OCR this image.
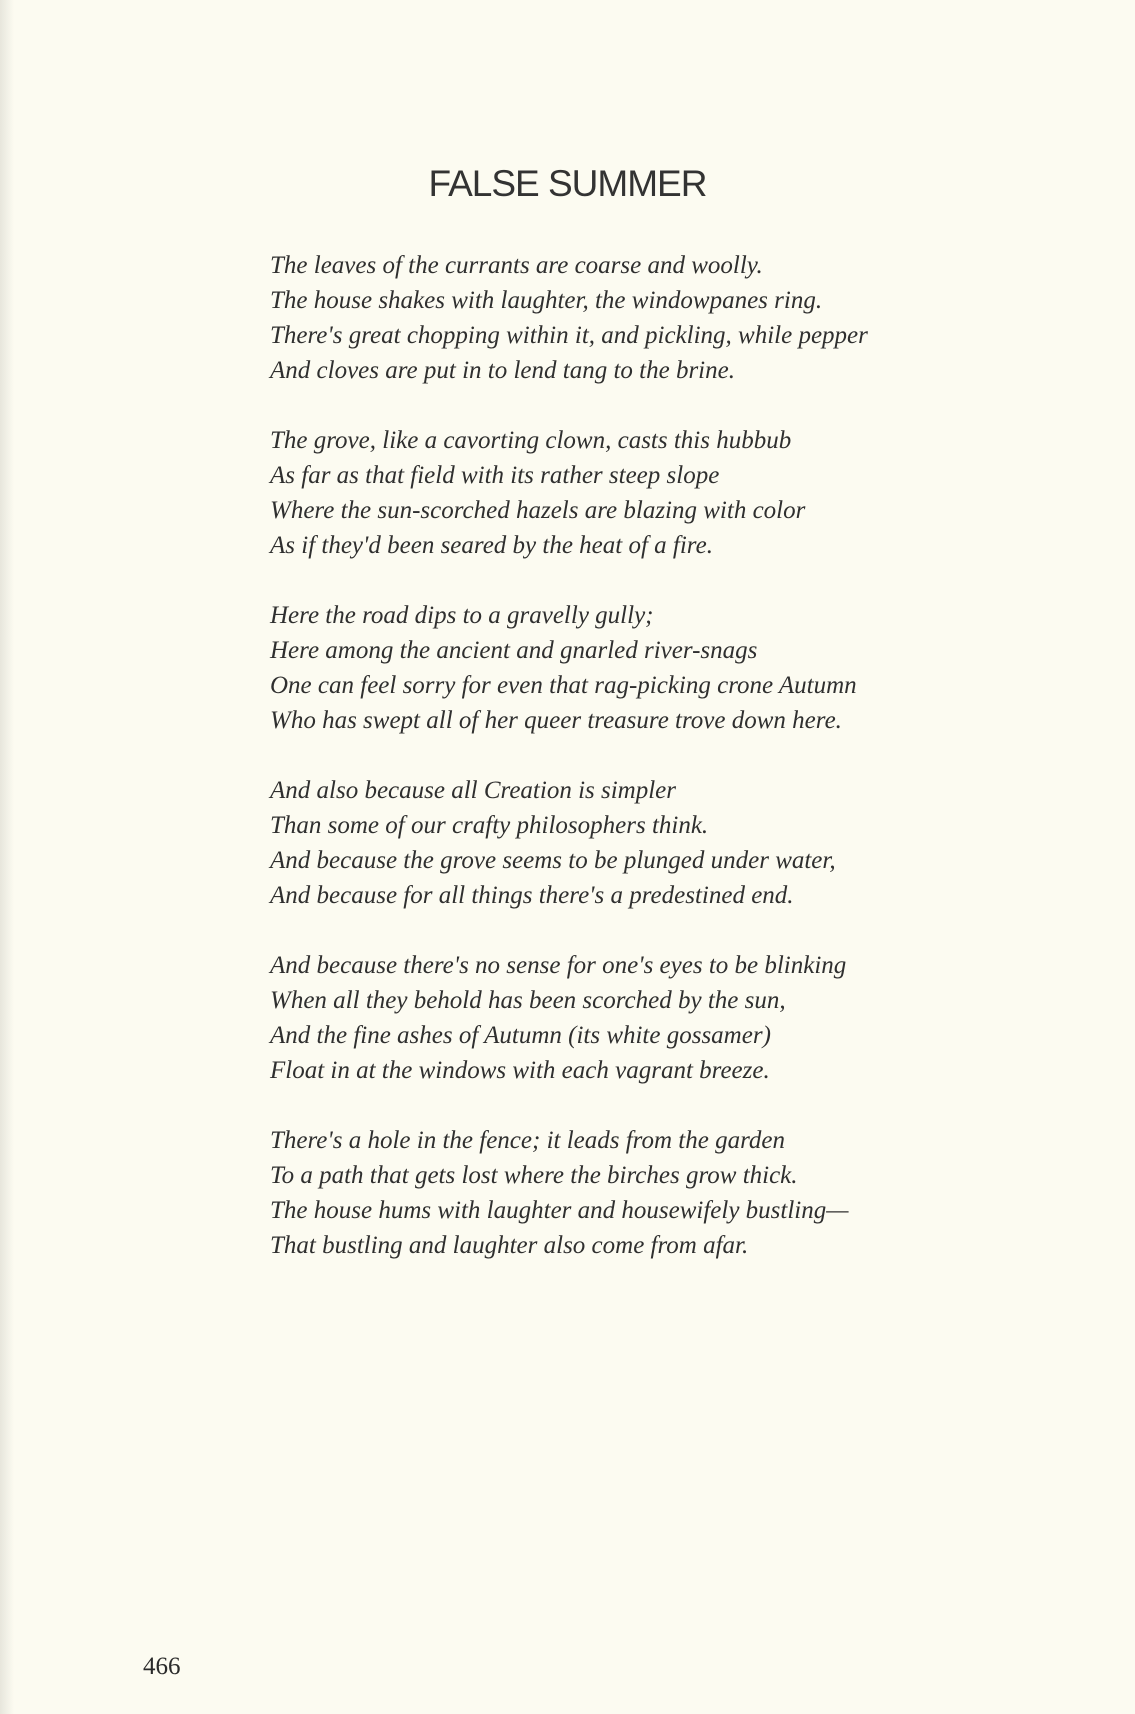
FALSE SUMMER
The leaves of the currants are coarse and woolly.
The house shakes with laughter, the windowpanes ring.
There's great chopping within it, and pickling, while pepper
And cloves are put in to lend tang to the brine.
The grove, like a cavorting clown, casts this hubbub
As far as that field with its rather steep slope
Where the sun-scorched hazels are blazing with color
As if they'd been seared by the heat of a fire.
Here the road dips to a gravelly gully;
Here among the ancient and gnarled river-snags
One can feel sorry for even that rag-picking crone Autumn
Who has swept all of her queer treasure trove down here.
And also because all Creation is simpler
Than some of our crafty philosophers think.
And because the grove seems to be plunged under water,
And because for all things there's a predestined end.
And because there's no sense for one's eyes to be blinking
When all they behold has been scorched by the sun,
And the fine ashes of Autumn (its white gossamer)
Float in at the windows with each vagrant breeze.
There's a hole in the fence; it leads from the garden
To a path that gets lost where the birches grow thick.
The house hums with laughter and housewifely bustling—
That bustling and laughter also come from afar.
466
